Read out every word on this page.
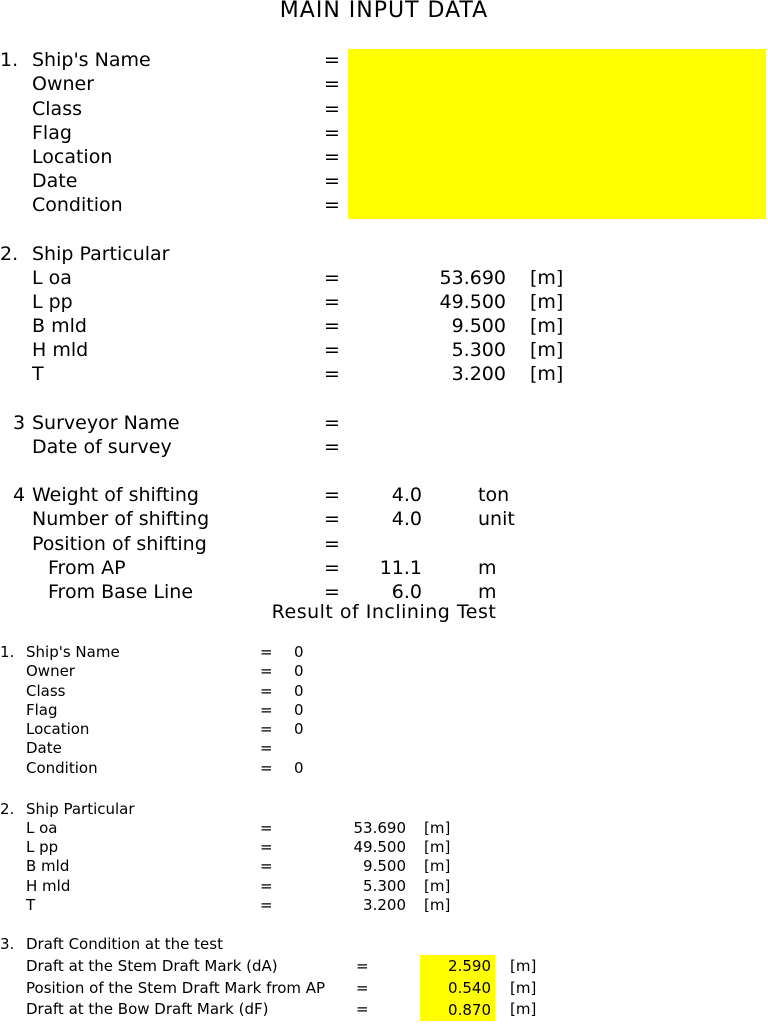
MAIN INPUT DATA
1. Ship's Name	=
Owner	=
Class	=
Flag	=
Location	=
Date	=
Condition	=
2. Ship Particular
L oa	=	53.690 [m]
L pp	=	49.500 [m]
B mld	=	9.500 [m]
H mld	=	5.300 [m]
T	=	3.200 [m]
3 Surveyor Name	=
Date of survey	=
4 Weight of shifting	=	4.0	ton
Number of shifting	=	4.0	unit
Position of shifting	=
From AP	=	11.1	m
From Base Line	=	6.0	m
Result of Inclining Test
1. Ship's Name	= 0
Owner	= 0
Class	= 0
Flag	= 0
Location	= 0
Date	=
Condition	= 0
2. Ship Particular
L oa	=	53.690 [m]
L pp	=	49.500 [m]
B mld	=	9.500 [m]
H mld	=	5.300 [m]
T	=	3.200 [m]
3. Draft Condition at the test
Draft at the Stem Draft Mark (dA)	=	2.590 [m]
Position of the Stem Draft Mark from AP =	0.540 [m]
Draft at the Bow Draft Mark (dF)	=	0.870 [m]
